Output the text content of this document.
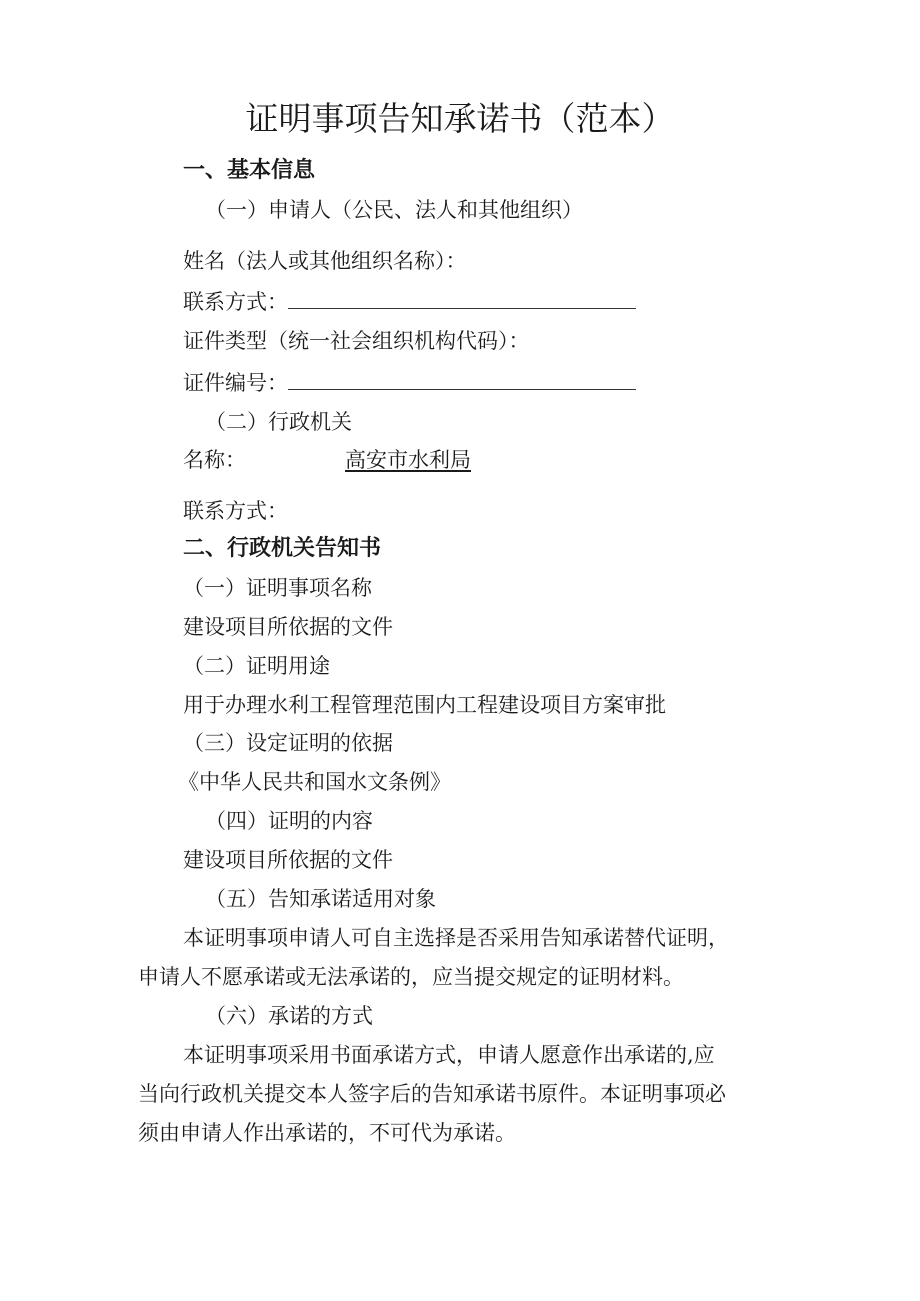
证明事项告知承诺书（范本）
一、基本信息
（一）申请人（公民、法人和其他组织）
姓名（法人或其他组织名称）：
联系方式：
证件类型（统一社会组织机构代码）：
证件编号：
（二）行政机关
名称：	高安市水利局
联系方式：
二、行政机关告知书
（一）证明事项名称
建设项目所依据的文件
（二）证明用途
用于办理水利工程管理范围内工程建设项目方案审批
（三）设定证明的依据
《中华人民共和国水文条例》
（四）证明的内容
建设项目所依据的文件
（五）告知承诺适用对象
本证明事项申请人可自主选择是否采用告知承诺替代证明，
申请人不愿承诺或无法承诺的，应当提交规定的证明材料。
（六）承诺的方式
本证明事项采用书面承诺方式，申请人愿意作出承诺的,应
当向行政机关提交本人签字后的告知承诺书原件。本证明事项必
须由申请人作出承诺的，不可代为承诺。
